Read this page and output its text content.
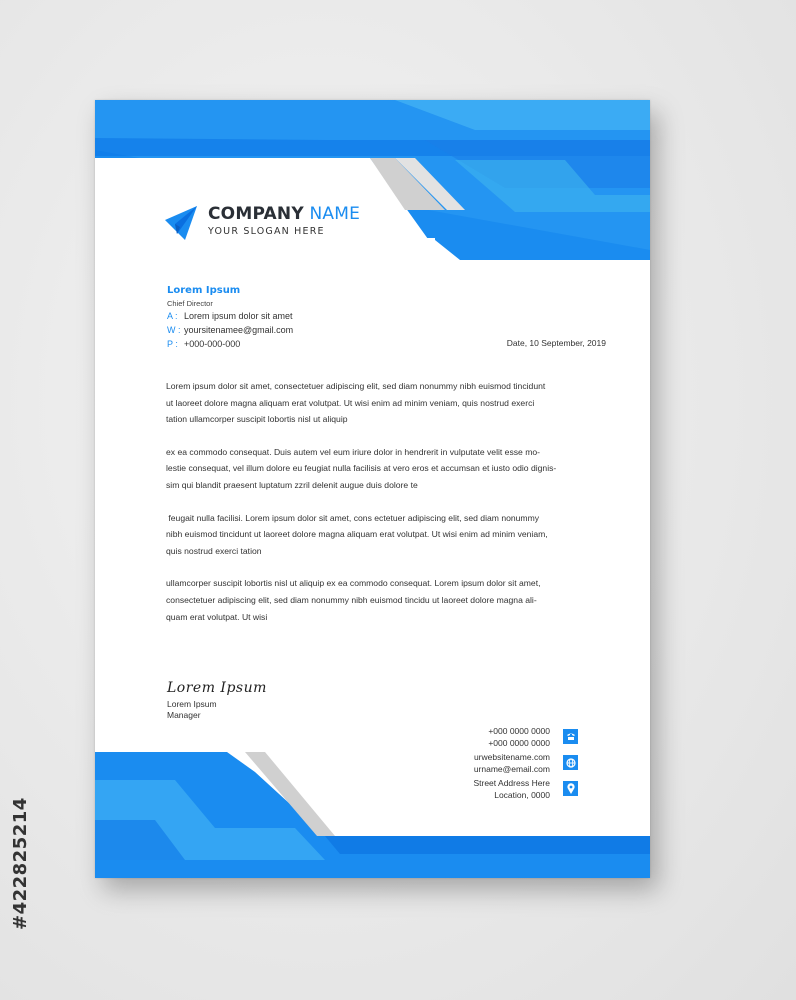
#422825214
COMPANY NAME
YOUR SLOGAN HERE
Lorem Ipsum
Chief Director
A : Lorem ipsum dolor sit amet
W : yoursitenamee@gmail.com
P : +000-000-000	Date, 10 September, 2019
Lorem ipsum dolor sit amet, consectetuer adipiscing elit, sed diam nonummy nibh euismod tincidunt
ut laoreet dolore magna aliquam erat volutpat. Ut wisi enim ad minim veniam, quis nostrud exerci
tation ullamcorper suscipit lobortis nisl ut aliquip
ex ea commodo consequat. Duis autem vel eum iriure dolor in hendrerit in vulputate velit esse mo-
lestie consequat, vel illum dolore eu feugiat nulla facilisis at vero eros et accumsan et iusto odio dignis-
sim qui blandit praesent luptatum zzril delenit augue duis dolore te
feugait nulla facilisi. Lorem ipsum dolor sit amet, cons ectetuer adipiscing elit, sed diam nonummy
nibh euismod tincidunt ut laoreet dolore magna aliquam erat volutpat. Ut wisi enim ad minim veniam,
quis nostrud exerci tation
ullamcorper suscipit lobortis nisl ut aliquip ex ea commodo consequat. Lorem ipsum dolor sit amet,
consectetuer adipiscing elit, sed diam nonummy nibh euismod tincidu ut laoreet dolore magna ali-
quam erat volutpat. Ut wisi
Lorem Ipsum
Lorem Ipsum
Manager
+000 0000 0000
+000 0000 0000
urwebsitename.com
urname@email.com
Street Address Here
Location, 0000
